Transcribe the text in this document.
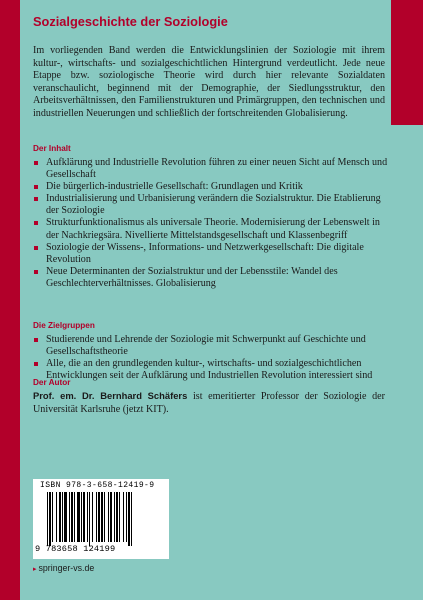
Sozialgeschichte der Soziologie

Im vorliegenden Band werden die Entwicklungslinien der Soziologie mit ihrem kultur-, wirtschafts- und sozialgeschichtlichen Hintergrund verdeutlicht. Jede neue Etappe bzw. soziologische Theorie wird durch hier relevante Sozialdaten veranschaulicht, beginnend mit der Demographie, der Siedlungsstruktur, den Arbeitsverhältnissen, den Familienstrukturen und Primärgruppen, den technischen und industriellen Neuerungen und schließlich der fortschreitenden Globalisierung.

Der Inhalt
Aufklärung und Industrielle Revolution führen zu einer neuen Sicht auf Mensch und Gesellschaft
Die bürgerlich-industrielle Gesellschaft: Grundlagen und Kritik
Industrialisierung und Urbanisierung verändern die Sozialstruktur. Die Etablierung der Soziologie
Strukturfunktionalismus als universale Theorie. Modernisierung der Lebenswelt in der Nachkriegsära. Nivellierte Mittelstandsgesellschaft und Klassenbegriff
Soziologie der Wissens-, Informations- und Netzwerkgesellschaft: Die digitale Revolution
Neue Determinanten der Sozialstruktur und der Lebensstile: Wandel des Geschlechterverhältnisses. Globalisierung
Die Zielgruppen
Studierende und Lehrende der Soziologie mit Schwerpunkt auf Geschichte und Gesellschaftstheorie
Alle, die an den grundlegenden kultur-, wirtschafts- und sozialgeschichtlichen Entwicklungen seit der Aufklärung und Industriellen Revolution interessiert sind
Der Autor

Prof. em. Dr. Bernhard Schäfers ist emeritierter Professor der Soziologie der Universität Karlsruhe (jetzt KIT).

ISBN 978-3-658-12419-9
9 783658 124199
▸ springer-vs.de
